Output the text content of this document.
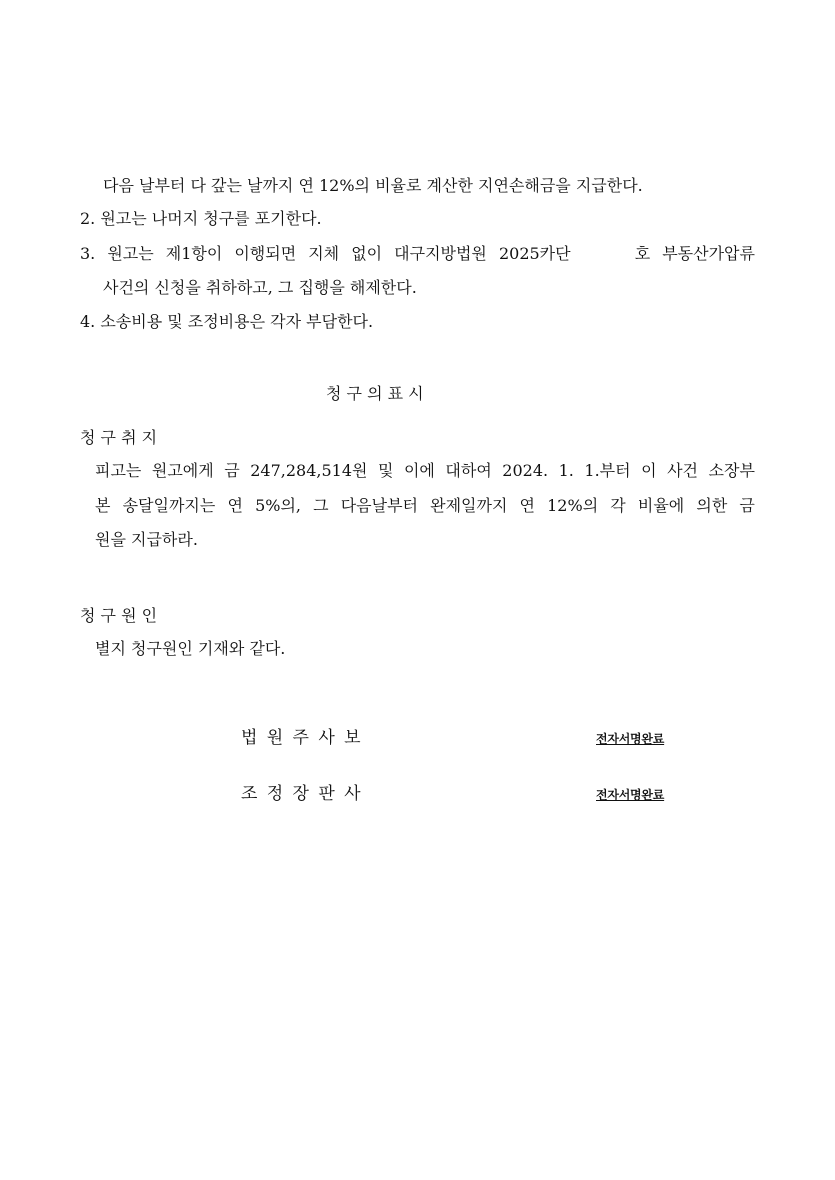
다음 날부터 다 갚는 날까지 연 12%의 비율로 계산한 지연손해금을 지급한다.
2. 원고는 나머지 청구를 포기한다.
3. 원고는 제1항이 이행되면 지체 없이 대구지방법원 2025카단	호 부동산가압류
사건의 신청을 취하하고, 그 집행을 해제한다.
4. 소송비용 및 조정비용은 각자 부담한다.
청 구 의 표 시
청 구 취 지
피고는 원고에게 금 247,284,514원 및 이에 대하여 2024. 1. 1.부터 이 사건 소장부
본 송달일까지는 연 5%의, 그 다음날부터 완제일까지 연 12%의 각 비율에 의한 금
원을 지급하라.
청 구 원 인
별지 청구원인 기재와 같다.
법원주사보	전자서명완료
조정장판사	전자서명완료
